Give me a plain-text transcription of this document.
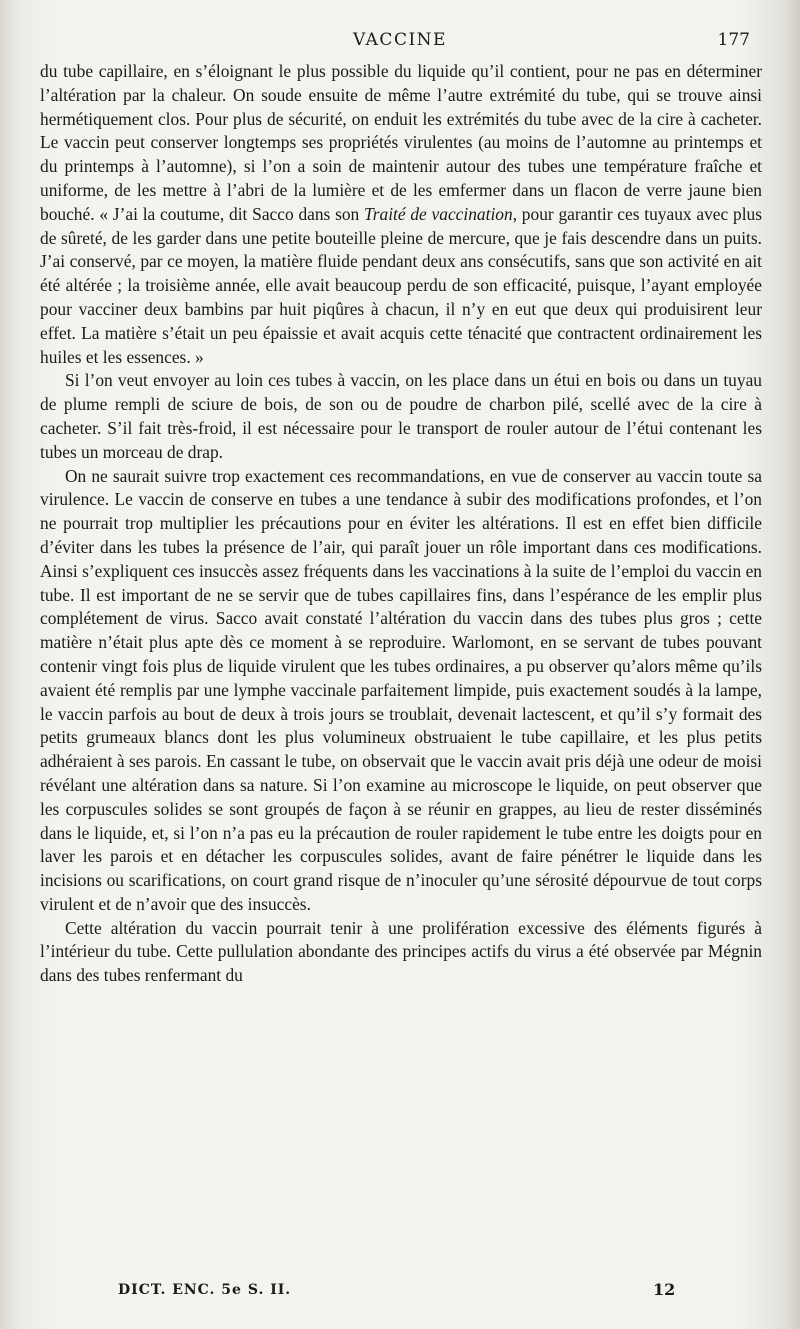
VACCINE	177

du tube capillaire, en s’éloignant le plus possible du liquide qu’il contient, pour ne pas en déterminer l’altération par la chaleur. On soude ensuite de même l’autre extrémité du tube, qui se trouve ainsi hermétiquement clos. Pour plus de sécurité, on enduit les extrémités du tube avec de la cire à cacheter. Le vaccin peut conserver longtemps ses propriétés virulentes (au moins de l’automne au printemps et du printemps à l’automne), si l’on a soin de maintenir autour des tubes une température fraîche et uniforme, de les mettre à l’abri de la lumière et de les emfermer dans un flacon de verre jaune bien bouché. « J’ai la coutume, dit Sacco dans son Traité de vaccination, pour garantir ces tuyaux avec plus de sûreté, de les garder dans une petite bouteille pleine de mercure, que je fais descendre dans un puits. J’ai conservé, par ce moyen, la matière fluide pendant deux ans consécutifs, sans que son activité en ait été altérée ; la troisième année, elle avait beaucoup perdu de son efficacité, puisque, l’ayant employée pour vacciner deux bambins par huit piqûres à chacun, il n’y en eut que deux qui produisirent leur effet. La matière s’était un peu épaissie et avait acquis cette ténacité que contractent ordinairement les huiles et les essences. »

Si l’on veut envoyer au loin ces tubes à vaccin, on les place dans un étui en bois ou dans un tuyau de plume rempli de sciure de bois, de son ou de poudre de charbon pilé, scellé avec de la cire à cacheter. S’il fait très-froid, il est nécessaire pour le transport de rouler autour de l’étui contenant les tubes un morceau de drap.

On ne saurait suivre trop exactement ces recommandations, en vue de conserver au vaccin toute sa virulence. Le vaccin de conserve en tubes a une tendance à subir des modifications profondes, et l’on ne pourrait trop multiplier les précautions pour en éviter les altérations. Il est en effet bien difficile d’éviter dans les tubes la présence de l’air, qui paraît jouer un rôle important dans ces modifications. Ainsi s’expliquent ces insuccès assez fréquents dans les vaccinations à la suite de l’emploi du vaccin en tube. Il est important de ne se servir que de tubes capillaires fins, dans l’espérance de les emplir plus complétement de virus. Sacco avait constaté l’altération du vaccin dans des tubes plus gros ; cette matière n’était plus apte dès ce moment à se reproduire. Warlomont, en se servant de tubes pouvant contenir vingt fois plus de liquide virulent que les tubes ordinaires, a pu observer qu’alors même qu’ils avaient été remplis par une lymphe vaccinale parfaitement limpide, puis exactement soudés à la lampe, le vaccin parfois au bout de deux à trois jours se troublait, devenait lactescent, et qu’il s’y formait des petits grumeaux blancs dont les plus volumineux obstruaient le tube capillaire, et les plus petits adhéraient à ses parois. En cassant le tube, on observait que le vaccin avait pris déjà une odeur de moisi révélant une altération dans sa nature. Si l’on examine au microscope le liquide, on peut observer que les corpuscules solides se sont groupés de façon à se réunir en grappes, au lieu de rester disséminés dans le liquide, et, si l’on n’a pas eu la précaution de rouler rapidement le tube entre les doigts pour en laver les parois et en détacher les corpuscules solides, avant de faire pénétrer le liquide dans les incisions ou scarifications, on court grand risque de n’inoculer qu’une sérosité dépourvue de tout corps virulent et de n’avoir que des insuccès.

Cette altération du vaccin pourrait tenir à une prolifération excessive des éléments figurés à l’intérieur du tube. Cette pullulation abondante des principes actifs du virus a été observée par Mégnin dans des tubes renfermant du

DICT. ENC. 5e S. II.	12
